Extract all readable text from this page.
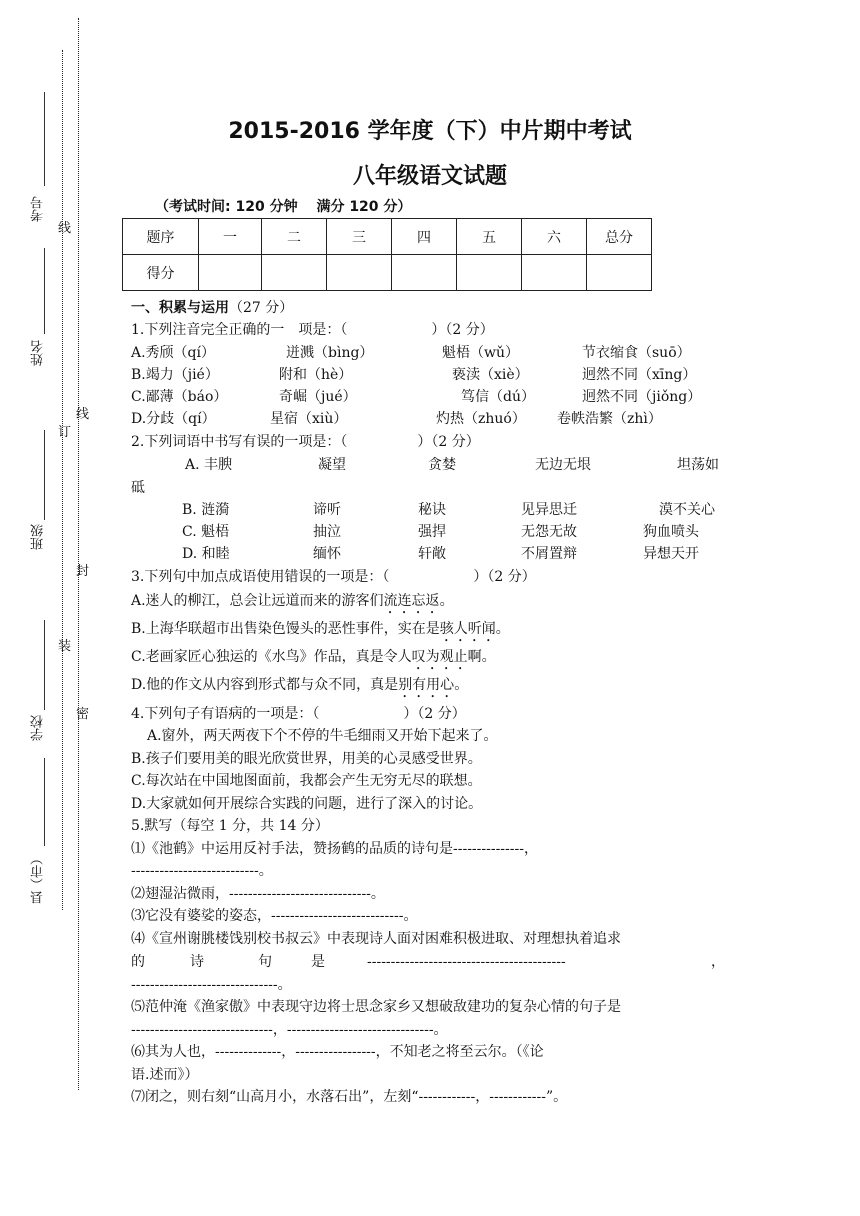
考号
线
姓名
订
线
班级
封
装
学校
密
县（市）
2015-2016 学年度（下）中片期中考试
八年级语文试题
（考试时间: 120 分钟　 满分 120 分）
题序	一	二	三	四	五	六	总分
得分							
一、积累与运用（27 分）
1.下列注音完全正确的一　项是：（　　　　　　）（2 分）
A.秀颀（qí）	迸溅（bìng）	魁梧（wǔ）	节衣缩食（suō）
B.竭力（jié）	附和（hè）	亵渎（xiè）	迥然不同（xīng）
C.鄙薄（báo）	奇崛（jué）	笃信（dú）	迥然不同（jiǒng）
D.分歧（qí）	星宿（xiù）	灼热（zhuó） 卷帙浩繁（zhì）
2.下列词语中书写有误的一项是：（　　　　　）（2 分）
A. 丰腴	凝望	贪婪	无边无垠	坦荡如
砥
B. 涟漪	谛听	秘诀	见异思迁	漠不关心
C. 魁梧	抽泣	强捍	无怨无故	狗血喷头
D. 和睦	缅怀	轩敞	不屑置辩	异想天开
3.下列句中加点成语使用错误的一项是：（　　　　　　）（2 分）
A.迷人的柳江，总会让远道而来的游客们流连忘返。
B.上海华联超市出售染色馒头的恶性事件，实在是骇人听闻。
C.老画家匠心独运的《水鸟》作品，真是令人叹为观止啊。
D.他的作文从内容到形式都与众不同，真是别有用心。
4.下列句子有语病的一项是：（　　　　　　）（2 分）
A.窗外，两天两夜下个不停的牛毛细雨又开始下起来了。
B.孩子们要用美的眼光欣赏世界，用美的心灵感受世界。
C.每次站在中国地图面前，我都会产生无穷无尽的联想。
D.大家就如何开展综合实践的问题，进行了深入的讨论。
5.默写（每空 1 分，共 14 分）
⑴《池鹤》中运用反衬手法，赞扬鹤的品质的诗句是---------------，
---------------------------。
⑵翅湿沾微雨，------------------------------。
⑶它没有婆娑的姿态，----------------------------。
⑷《宣州谢朓楼饯别校书叔云》中表现诗人面对困难积极进取、对理想执着追求
的	诗	句	是	------------------------------------------	，
-------------------------------。
⑸范仲淹《渔家傲》中表现守边将士思念家乡又想破敌建功的复杂心情的句子是
------------------------------，-------------------------------。
⑹其为人也，--------------，-----------------，不知老之将至云尔。（《论
语.述而》）
⑺闭之，则右刻“山高月小，水落石出”，左刻“------------，------------”。
